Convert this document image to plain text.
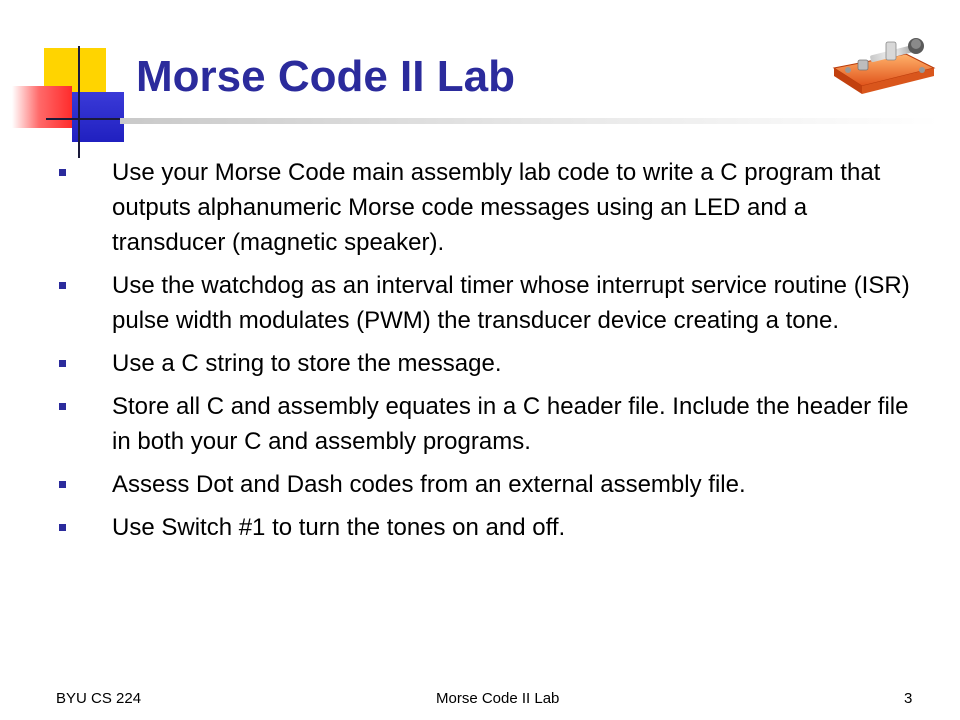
Morse Code II Lab
Use your Morse Code main assembly lab code to write a C program that outputs alphanumeric Morse code messages using an LED and a transducer (magnetic speaker).
Use the watchdog as an interval timer whose interrupt service routine (ISR) pulse width modulates (PWM) the transducer device creating a tone.
Use a C string to store the message.
Store all C and assembly equates in a C header file. Include the header file in both your C and assembly programs.
Assess Dot and Dash codes from an external assembly file.
Use Switch #1 to turn the tones on and off.
BYU CS 224	Morse Code II Lab	3
